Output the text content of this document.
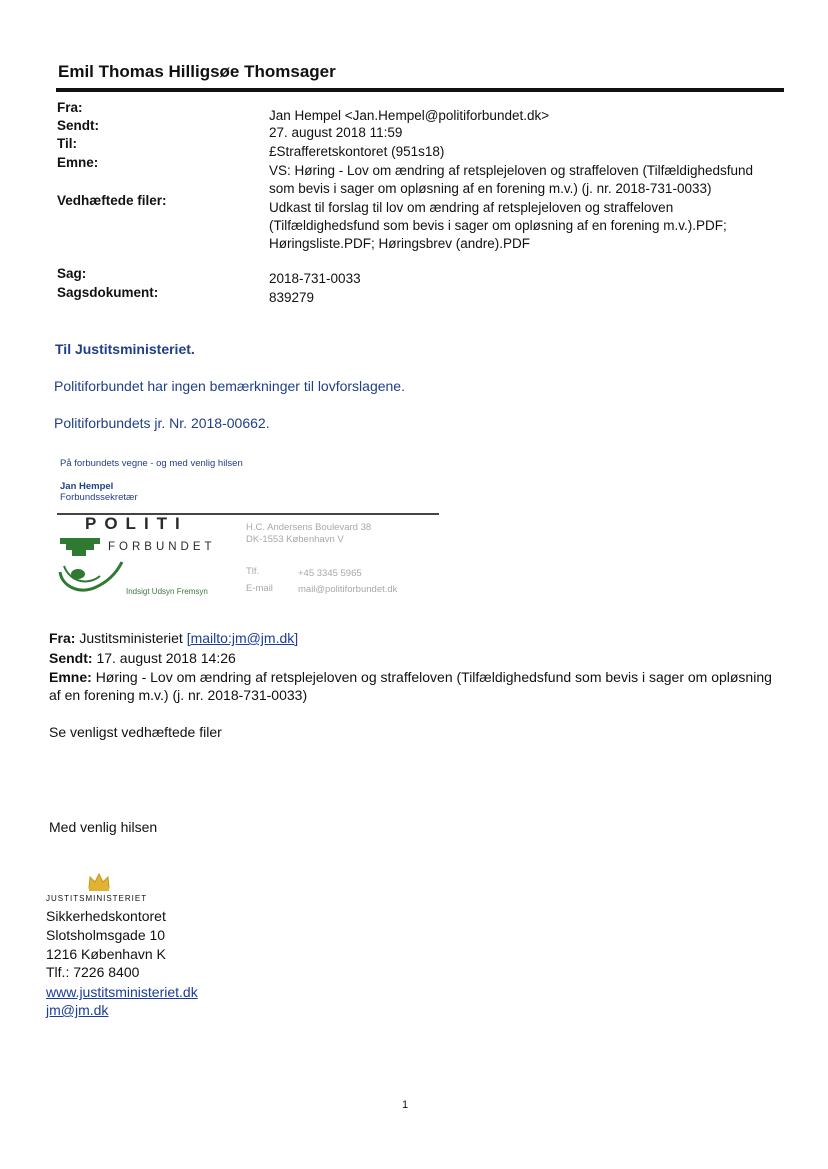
Emil Thomas Hilligsøe Thomsager
Fra:
Jan Hempel <Jan.Hempel@politiforbundet.dk>
Sendt:	27. august 2018 11:59
Til:
£Strafferetskontoret (951s18)
Emne:
VS: Høring - Lov om ændring af retsplejeloven og straffeloven (Tilfældighedsfund
som bevis i sager om opløsning af en forening m.v.) (j. nr. 2018-731-0033)
Vedhæftede filer:	Udkast til forslag til lov om ændring af retsplejeloven og straffeloven
(Tilfældighedsfund som bevis i sager om opløsning af en forening m.v.).PDF;
Høringsliste.PDF; Høringsbrev (andre).PDF
Sag:	2018-731-0033
Sagsdokument:	839279
Til Justitsministeriet.
Politiforbundet har ingen bemærkninger til lovforslagene.
Politiforbundets jr. Nr. 2018-00662.
På forbundets vegne - og med venlig hilsen
Jan Hempel
Forbundssekretær
POLITI
FORBUNDET
Indsigt Udsyn Fremsyn
H.C. Andersens Boulevard 38
DK-1553 København V
Tlf.	+45 3345 5965
E-mail	mail@politiforbundet.dk
Fra: Justitsministeriet [mailto:jm@jm.dk]
Sendt: 17. august 2018 14:26
Emne: Høring - Lov om ændring af retsplejeloven og straffeloven (Tilfældighedsfund som bevis i sager om opløsning
af en forening m.v.) (j. nr. 2018-731-0033)
Se venligst vedhæftede filer
Med venlig hilsen
JUSTITSMINISTERIET
Sikkerhedskontoret
Slotsholmsgade 10
1216 København K
Tlf.: 7226 8400
www.justitsministeriet.dk
jm@jm.dk
1
